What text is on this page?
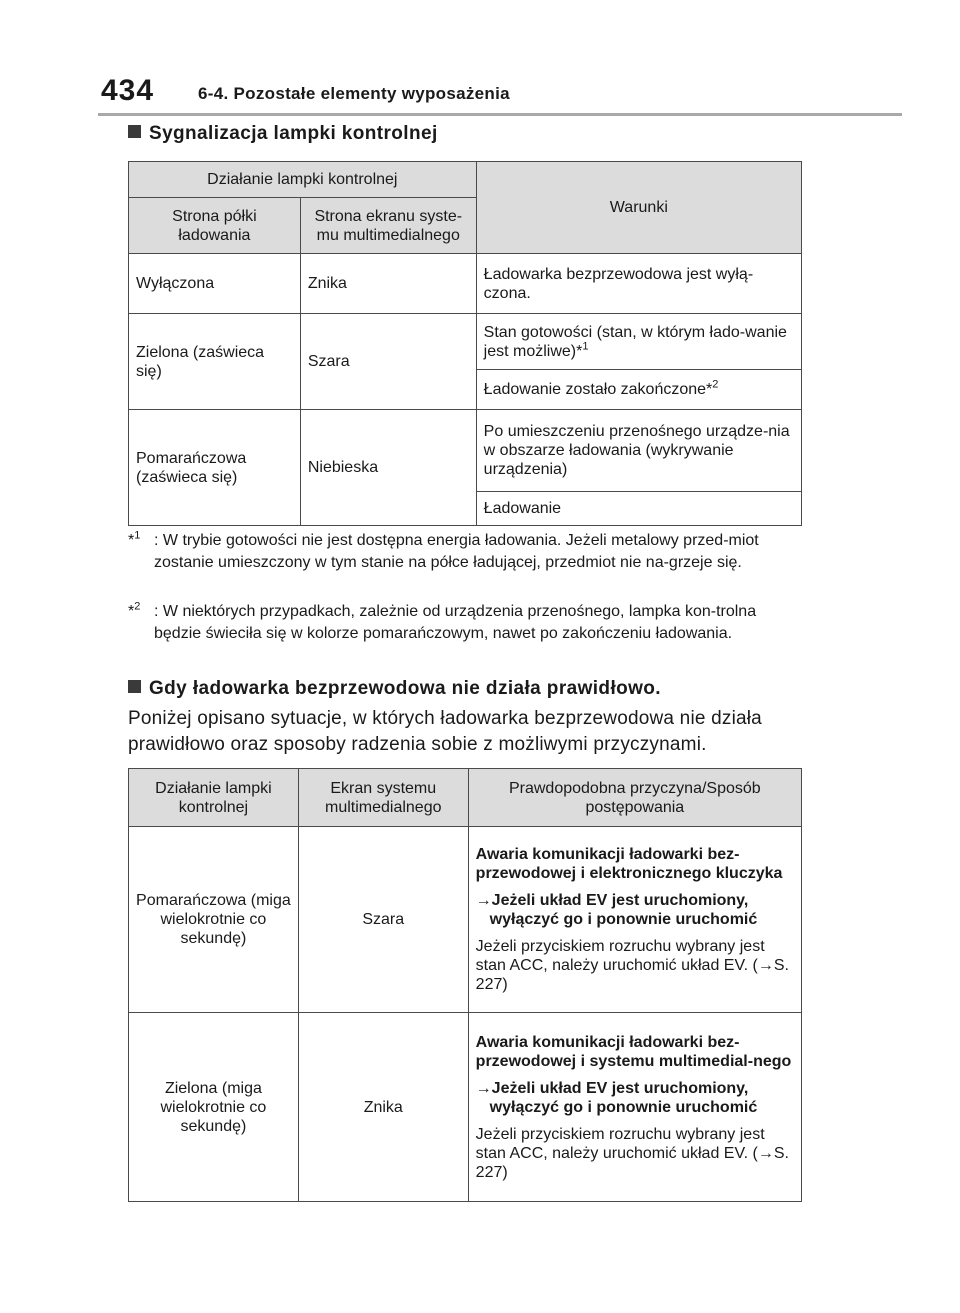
434	6-4. Pozostałe elementy wyposażenia
Sygnalizacja lampki kontrolnej
Działanie lampki kontrolnej		Warunki
Strona półki ładowania	Strona ekranu syste-mu multimedialnego	
Wyłączona	Znika	Ładowarka bezprzewodowa jest wyłą-czona.
Zielona (zaświeca się)	Szara	Stan gotowości (stan, w którym łado-wanie jest możliwe)*$^1$
		Ładowanie zostało zakończone*$^2$
Pomarańczowa (zaświeca się)	Niebieska	Po umieszczeniu przenośnego urządze-nia w obszarze ładowania (wykrywanie urządzenia)
		Ładowanie
*$^1$ : W trybie gotowości nie jest dostępna energia ładowania. Jeżeli metalowy przed-miot zostanie umieszczony w tym stanie na półce ładującej, przedmiot nie na-grzeje się.
*$^2$ : W niektórych przypadkach, zależnie od urządzenia przenośnego, lampka kon-trolna będzie świeciła się w kolorze pomarańczowym, nawet po zakończeniu ładowania.
Gdy ładowarka bezprzewodowa nie działa prawidłowo.
Poniżej opisano sytuacje, w których ładowarka bezprzewodowa nie działa prawidłowo oraz sposoby radzenia sobie z możliwymi przyczynami.
Działanie lampki kontrolnej	Ekran systemu multimedialnego	Prawdopodobna przyczyna/Sposób postępowania
Pomarańczowa (miga wielokrotnie co sekundę)	Szara	Awaria komunikacji ładowarki bez-przewodowej i elektronicznego kluczyka
→Jeżeli układ EV jest uruchomiony, wyłączyć go i ponownie uruchomić
Jeżeli przyciskiem rozruchu wybrany jest stan ACC, należy uruchomić układ EV. (→S. 227)

Zielona (miga wielokrotnie co sekundę)	Znika	Awaria komunikacji ładowarki bez-przewodowej i systemu multimedial-nego
→Jeżeli układ EV jest uruchomiony, wyłączyć go i ponownie uruchomić
Jeżeli przyciskiem rozruchu wybrany jest stan ACC, należy uruchomić układ EV. (→S. 227)
